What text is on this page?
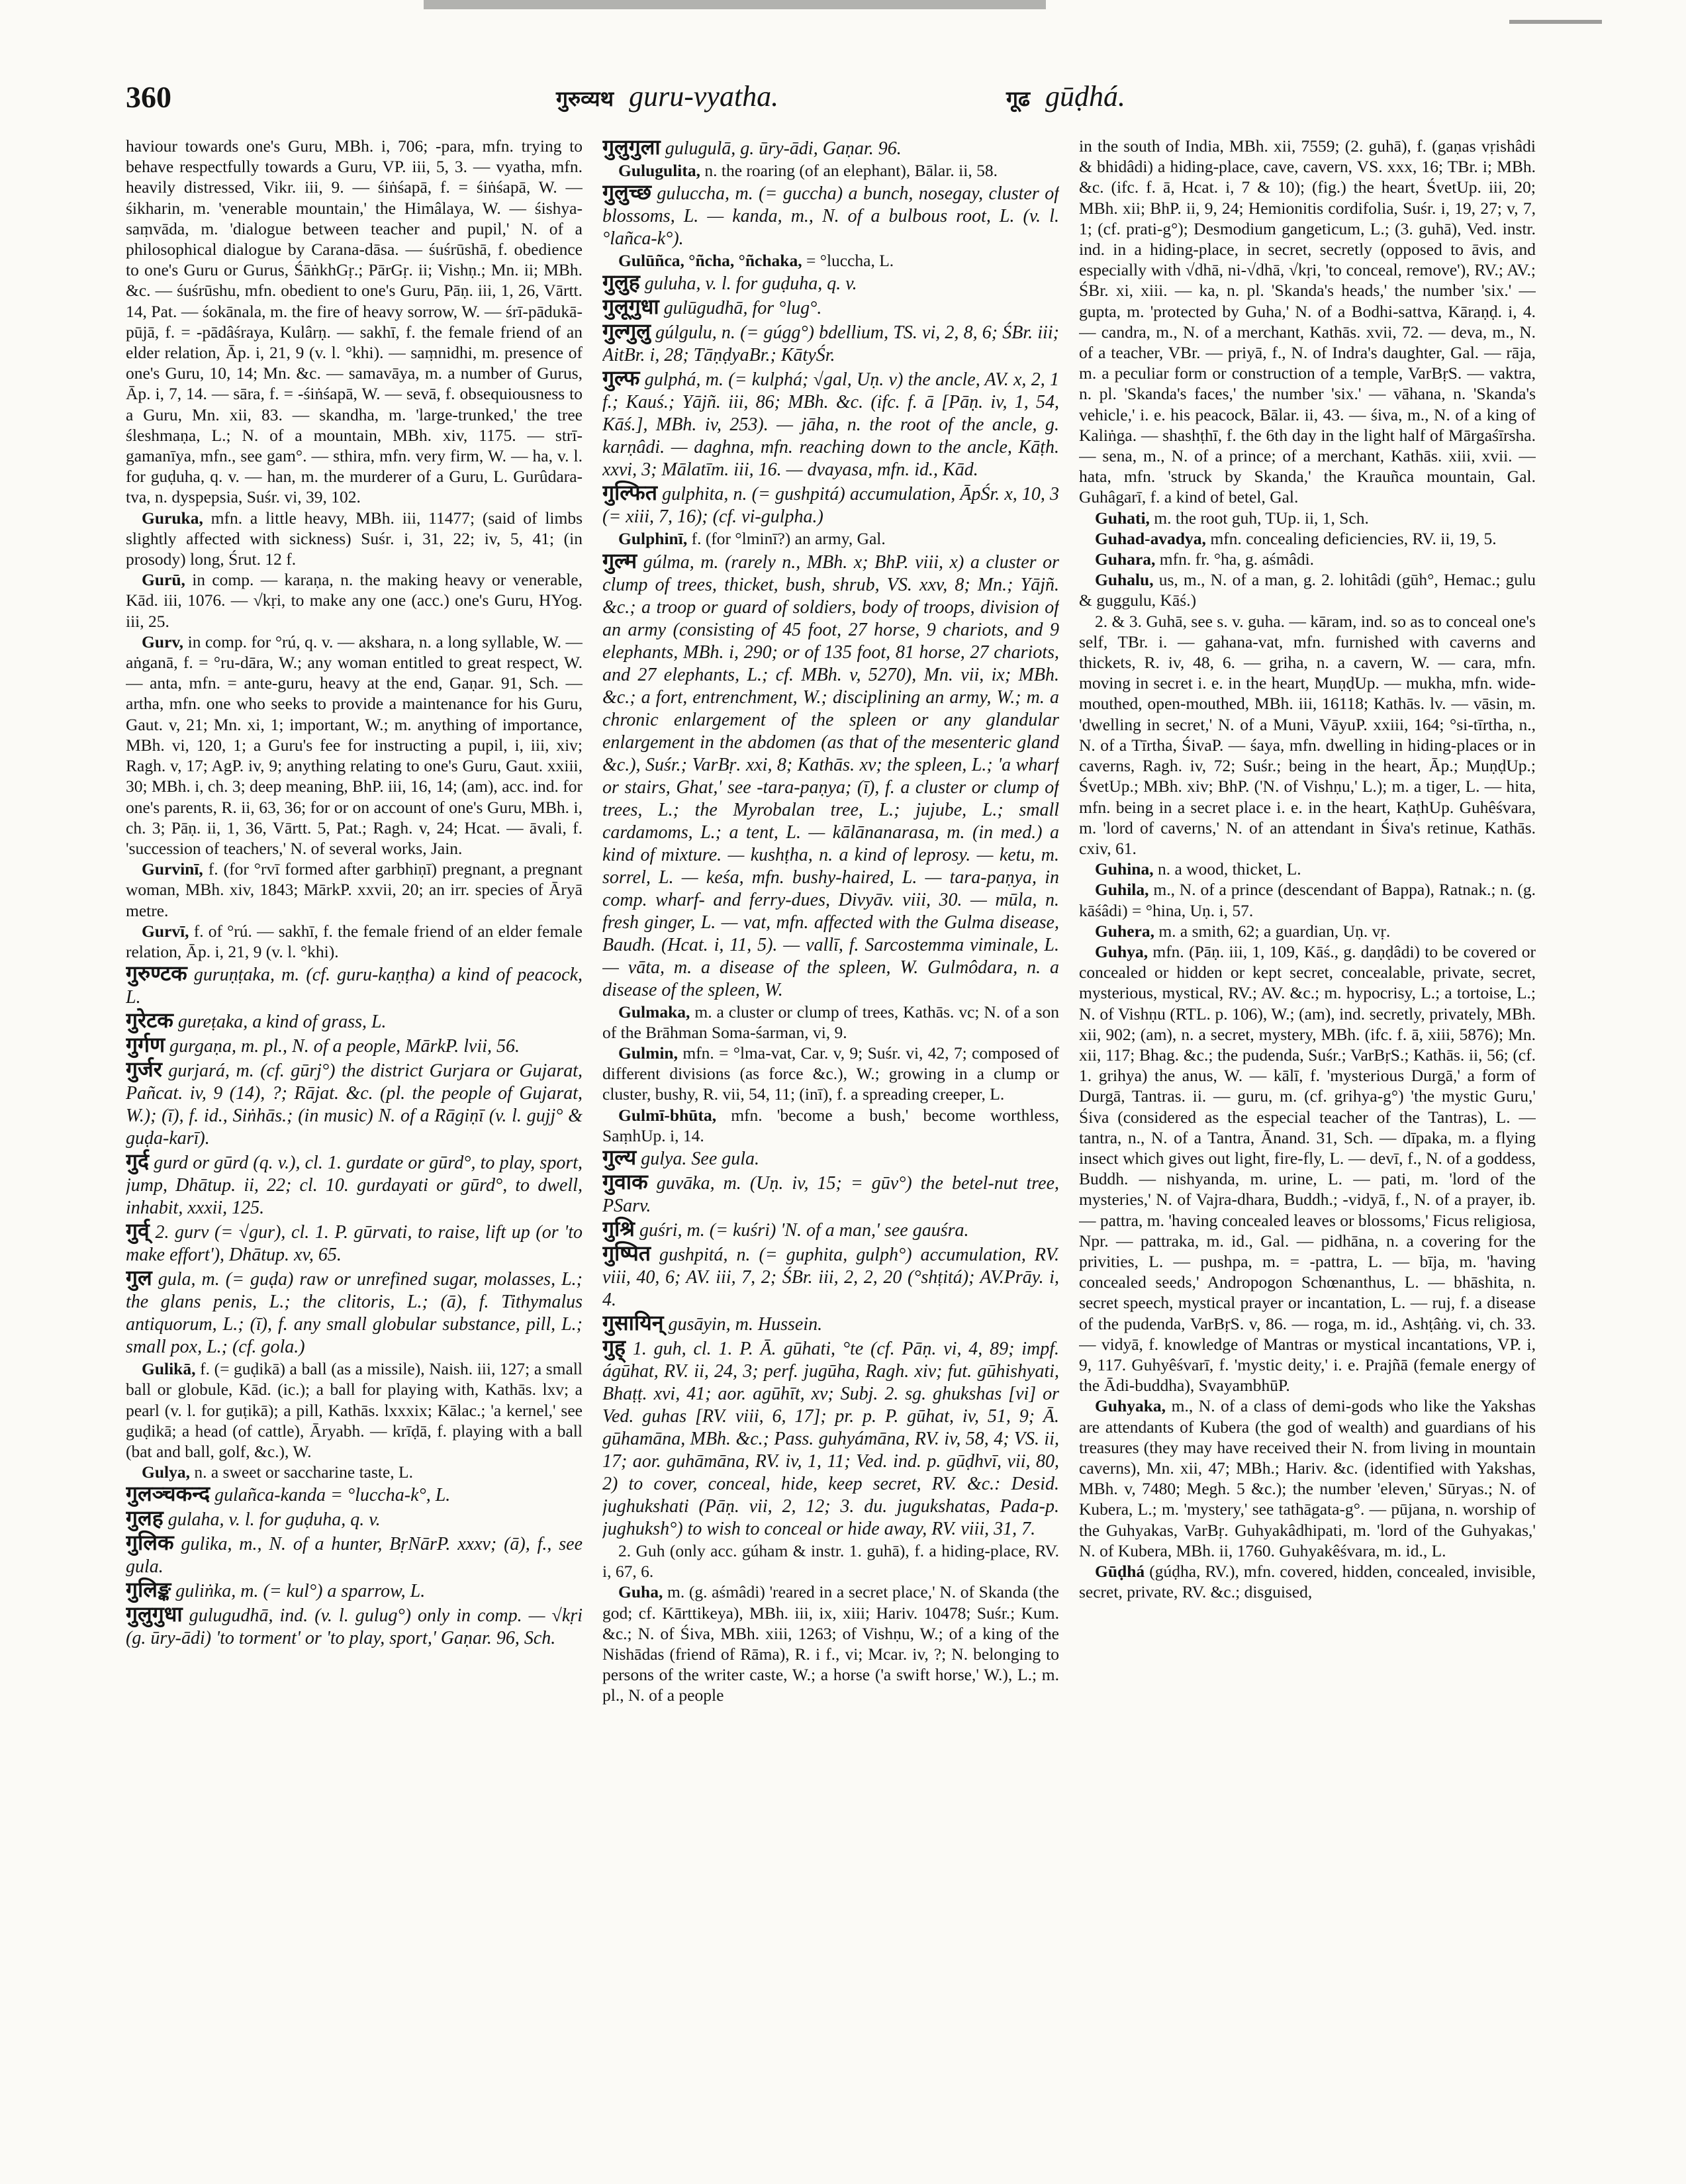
360	गुरुव्यथ guru-vyatha.	गूढ gūḍhá.

haviour towards one's Guru, MBh. i, 706; -para, mfn. trying to behave respectfully towards a Guru, VP. iii, 5, 3. — vyatha, mfn. heavily distressed, Vikr. iii, 9. — śiṅśapā, f. = śiṅśapā, W. — śikharin, m. 'venerable mountain,' the Himâlaya, W. — śishya-saṃvāda, m. 'dialogue between teacher and pupil,' N. of a philosophical dialogue by Carana-dāsa. — śuśrūshā, f. obedience to one's Guru or Gurus, ŚāṅkhGṛ.; PārGṛ. ii; Vishṇ.; Mn. ii; MBh. &c. — śuśrūshu, mfn. obedient to one's Guru, Pāṇ. iii, 1, 26, Vārtt. 14, Pat. — śokānala, m. the fire of heavy sorrow, W. — śrī-pādukā-pūjā, f. = -pādâśraya, Kulârṇ. — sakhī, f. the female friend of an elder relation, Āp. i, 21, 9 (v. l. °khi). — saṃnidhi, m. presence of one's Guru, 10, 14; Mn. &c. — samavāya, m. a number of Gurus, Āp. i, 7, 14. — sāra, f. = -śiṅśapā, W. — sevā, f. obsequiousness to a Guru, Mn. xii, 83. — skandha, m. 'large-trunked,' the tree śleshmaṇa, L.; N. of a mountain, MBh. xiv, 1175. — strī-gamanīya, mfn., see gam°. — sthira, mfn. very firm, W. — ha, v. l. for guḍuha, q. v. — han, m. the murderer of a Guru, L. Gurûdara-tva, n. dyspepsia, Suśr. vi, 39, 102.

Guruka, mfn. a little heavy, MBh. iii, 11477; (said of limbs slightly affected with sickness) Suśr. i, 31, 22; iv, 5, 41; (in prosody) long, Śrut. 12 f.

Gurū, in comp. — karaṇa, n. the making heavy or venerable, Kād. iii, 1076. — √kṛi, to make any one (acc.) one's Guru, HYog. iii, 25.

Gurv, in comp. for °rú, q. v. — akshara, n. a long syllable, W. — aṅganā, f. = °ru-dāra, W.; any woman entitled to great respect, W. — anta, mfn. = ante-guru, heavy at the end, Gaṇar. 91, Sch. — artha, mfn. one who seeks to provide a maintenance for his Guru, Gaut. v, 21; Mn. xi, 1; important, W.; m. anything of importance, MBh. vi, 120, 1; a Guru's fee for instructing a pupil, i, iii, xiv; Ragh. v, 17; AgP. iv, 9; anything relating to one's Guru, Gaut. xxiii, 30; MBh. i, ch. 3; deep meaning, BhP. iii, 16, 14; (am), acc. ind. for one's parents, R. ii, 63, 36; for or on account of one's Guru, MBh. i, ch. 3; Pāṇ. ii, 1, 36, Vārtt. 5, Pat.; Ragh. v, 24; Hcat. — āvali, f. 'succession of teachers,' N. of several works, Jain.

Gurvinī, f. (for °rvī formed after garbhiṇī) pregnant, a pregnant woman, MBh. xiv, 1843; MārkP. xxvii, 20; an irr. species of Āryā metre.

Gurvī, f. of °rú. — sakhī, f. the female friend of an elder female relation, Āp. i, 21, 9 (v. l. °khi).

गुरुण्टक guruṇṭaka, m. (cf. guru-kaṇṭha) a kind of peacock, L.

गुरेटक gureṭaka, a kind of grass, L.

गुर्गण gurgaṇa, m. pl., N. of a people, MārkP. lvii, 56.

गुर्जर gurjará, m. (cf. gūrj°) the district Gurjara or Gujarat, Pañcat. iv, 9 (14), ?; Rājat. &c. (pl. the people of Gujarat, W.); (ī), f. id., Siṅhās.; (in music) N. of a Rāgiṇī (v. l. gujj° & guḍa-karī).

गुर्द gurd or gūrd (q. v.), cl. 1. gurdate or gūrd°, to play, sport, jump, Dhātup. ii, 22; cl. 10. gurdayati or gūrd°, to dwell, inhabit, xxxii, 125.

गुर्व् 2. gurv (= √gur), cl. 1. P. gūrvati, to raise, lift up (or 'to make effort'), Dhātup. xv, 65.

गुल gula, m. (= guḍa) raw or unrefined sugar, molasses, L.; the glans penis, L.; the clitoris, L.; (ā), f. Tithymalus antiquorum, L.; (ī), f. any small globular substance, pill, L.; small pox, L.; (cf. gola.)

Gulikā, f. (= guḍikā) a ball (as a missile), Naish. iii, 127; a small ball or globule, Kād. (ic.); a ball for playing with, Kathās. lxv; a pearl (v. l. for guṭikā); a pill, Kathās. lxxxix; Kālac.; 'a kernel,' see guḍikā; a head (of cattle), Āryabh. — krīḍā, f. playing with a ball (bat and ball, golf, &c.), W.

Gulya, n. a sweet or saccharine taste, L.

गुलञ्चकन्द gulañca-kanda = °luccha-k°, L.

गुलह gulaha, v. l. for guḍuha, q. v.

गुलिक gulika, m., N. of a hunter, BṛNārP. xxxv; (ā), f., see gula.

गुलिङ्क guliṅka, m. (= kul°) a sparrow, L.

गुलुगुधा gulugudhā, ind. (v. l. gulug°) only in comp. — √kṛi (g. ūry-ādi) 'to torment' or 'to play, sport,' Gaṇar. 96, Sch.

गुलुगुला gulugulā, g. ūry-ādi, Gaṇar. 96.

Gulugulita, n. the roaring (of an elephant), Bālar. ii, 58.

गुलुच्छ guluccha, m. (= guccha) a bunch, nosegay, cluster of blossoms, L. — kanda, m., N. of a bulbous root, L. (v. l. °lañca-k°).

Gulūñca, °ñcha, °ñchaka, = °luccha, L.

गुलुह guluha, v. l. for guḍuha, q. v.

गुलूगुधा gulūgudhā, for °lug°.

गुल्गुलु gúlgulu, n. (= gúgg°) bdellium, TS. vi, 2, 8, 6; ŚBr. iii; AitBr. i, 28; TāṇḍyaBr.; KātyŚr.

गुल्फ gulphá, m. (= kulphá; √gal, Uṇ. v) the ancle, AV. x, 2, 1 f.; Kauś.; Yājñ. iii, 86; MBh. &c. (ifc. f. ā [Pāṇ. iv, 1, 54, Kāś.], MBh. iv, 253). — jāha, n. the root of the ancle, g. karṇâdi. — daghna, mfn. reaching down to the ancle, Kāṭh. xxvi, 3; Mālatīm. iii, 16. — dvayasa, mfn. id., Kād.

गुल्फित gulphita, n. (= gushpitá) accumulation, ĀpŚr. x, 10, 3 (= xiii, 7, 16); (cf. vi-gulpha.)

Gulphinī, f. (for °lminī?) an army, Gal.

गुल्म gúlma, m. (rarely n., MBh. x; BhP. viii, x) a cluster or clump of trees, thicket, bush, shrub, VS. xxv, 8; Mn.; Yājñ. &c.; a troop or guard of soldiers, body of troops, division of an army (consisting of 45 foot, 27 horse, 9 chariots, and 9 elephants, MBh. i, 290; or of 135 foot, 81 horse, 27 chariots, and 27 elephants, L.; cf. MBh. v, 5270), Mn. vii, ix; MBh. &c.; a fort, entrenchment, W.; disciplining an army, W.; m. a chronic enlargement of the spleen or any glandular enlargement in the abdomen (as that of the mesenteric gland &c.), Suśr.; VarBṛ. xxi, 8; Kathās. xv; the spleen, L.; 'a wharf or stairs, Ghat,' see -tara-paṇya; (ī), f. a cluster or clump of trees, L.; the Myrobalan tree, L.; jujube, L.; small cardamoms, L.; a tent, L. — kālānanarasa, m. (in med.) a kind of mixture. — kushṭha, n. a kind of leprosy. — ketu, m. sorrel, L. — keśa, mfn. bushy-haired, L. — tara-paṇya, in comp. wharf- and ferry-dues, Divyāv. viii, 30. — mūla, n. fresh ginger, L. — vat, mfn. affected with the Gulma disease, Baudh. (Hcat. i, 11, 5). — vallī, f. Sarcostemma viminale, L. — vāta, m. a disease of the spleen, W. Gulmôdara, n. a disease of the spleen, W.

Gulmaka, m. a cluster or clump of trees, Kathās. vc; N. of a son of the Brāhman Soma-śarman, vi, 9.

Gulmin, mfn. = °lma-vat, Car. v, 9; Suśr. vi, 42, 7; composed of different divisions (as force &c.), W.; growing in a clump or cluster, bushy, R. vii, 54, 11; (inī), f. a spreading creeper, L.

Gulmī-bhūta, mfn. 'become a bush,' become worthless, SaṃhUp. i, 14.

गुल्य gulya. See gula.

गुवाक guvāka, m. (Uṇ. iv, 15; = gūv°) the betel-nut tree, PSarv.

गुश्रि guśri, m. (= kuśri) 'N. of a man,' see gauśra.

गुष्पित gushpitá, n. (= guphita, gulph°) accumulation, RV. viii, 40, 6; AV. iii, 7, 2; ŚBr. iii, 2, 2, 20 (°shṭitá); AV.Prāy. i, 4.

गुसायिन् gusāyin, m. Hussein.

गुह् 1. guh, cl. 1. P. Ā. gūhati, °te (cf. Pāṇ. vi, 4, 89; impf. ágūhat, RV. ii, 24, 3; perf. jugūha, Ragh. xiv; fut. gūhishyati, Bhaṭṭ. xvi, 41; aor. agūhīt, xv; Subj. 2. sg. ghukshas [vi] or Ved. guhas [RV. viii, 6, 17]; pr. p. P. gūhat, iv, 51, 9; Ā. gūhamāna, MBh. &c.; Pass. guhyámāna, RV. iv, 58, 4; VS. ii, 17; aor. guhāmāna, RV. iv, 1, 11; Ved. ind. p. gūḍhvī, vii, 80, 2) to cover, conceal, hide, keep secret, RV. &c.: Desid. jughukshati (Pāṇ. vii, 2, 12; 3. du. jugukshatas, Pada-p. jughuksh°) to wish to conceal or hide away, RV. viii, 31, 7.

2. Guh (only acc. gúham & instr. 1. guhā), f. a hiding-place, RV. i, 67, 6.

Guha, m. (g. aśmâdi) 'reared in a secret place,' N. of Skanda (the god; cf. Kārttikeya), MBh. iii, ix, xiii; Hariv. 10478; Suśr.; Kum. &c.; N. of Śiva, MBh. xiii, 1263; of Vishṇu, W.; of a king of the Nishādas (friend of Rāma), R. i f., vi; Mcar. iv, ?; N. belonging to persons of the writer caste, W.; a horse ('a swift horse,' W.), L.; m. pl., N. of a people

in the south of India, MBh. xii, 7559; (2. guhā), f. (gaṇas vṛishâdi & bhidâdi) a hiding-place, cave, cavern, VS. xxx, 16; TBr. i; MBh. &c. (ifc. f. ā, Hcat. i, 7 & 10); (fig.) the heart, ŚvetUp. iii, 20; MBh. xii; BhP. ii, 9, 24; Hemionitis cordifolia, Suśr. i, 19, 27; v, 7, 1; (cf. prati-g°); Desmodium gangeticum, L.; (3. guhā), Ved. instr. ind. in a hiding-place, in secret, secretly (opposed to āvis, and especially with √dhā, ni-√dhā, √kṛi, 'to conceal, remove'), RV.; AV.; ŚBr. xi, xiii. — ka, n. pl. 'Skanda's heads,' the number 'six.' — gupta, m. 'protected by Guha,' N. of a Bodhi-sattva, Kāraṇḍ. i, 4. — candra, m., N. of a merchant, Kathās. xvii, 72. — deva, m., N. of a teacher, VBr. — priyā, f., N. of Indra's daughter, Gal. — rāja, m. a peculiar form or construction of a temple, VarBṛS. — vaktra, n. pl. 'Skanda's faces,' the number 'six.' — vāhana, n. 'Skanda's vehicle,' i. e. his peacock, Bālar. ii, 43. — śiva, m., N. of a king of Kaliṅga. — shashṭhī, f. the 6th day in the light half of Mārgaśīrsha. — sena, m., N. of a prince; of a merchant, Kathās. xiii, xvii. — hata, mfn. 'struck by Skanda,' the Krauñca mountain, Gal. Guhâgarī, f. a kind of betel, Gal.

Guhati, m. the root guh, TUp. ii, 1, Sch.

Guhad-avadya, mfn. concealing deficiencies, RV. ii, 19, 5.

Guhara, mfn. fr. °ha, g. aśmâdi.

Guhalu, us, m., N. of a man, g. 2. lohitâdi (gūh°, Hemac.; gulu & guggulu, Kāś.)

2. & 3. Guhā, see s. v. guha. — kāram, ind. so as to conceal one's self, TBr. i. — gahana-vat, mfn. furnished with caverns and thickets, R. iv, 48, 6. — griha, n. a cavern, W. — cara, mfn. moving in secret i. e. in the heart, MuṇḍUp. — mukha, mfn. wide-mouthed, open-mouthed, MBh. iii, 16118; Kathās. lv. — vāsin, m. 'dwelling in secret,' N. of a Muni, VāyuP. xxiii, 164; °si-tīrtha, n., N. of a Tīrtha, ŚivaP. — śaya, mfn. dwelling in hiding-places or in caverns, Ragh. iv, 72; Suśr.; being in the heart, Āp.; MuṇḍUp.; ŚvetUp.; MBh. xiv; BhP. ('N. of Vishṇu,' L.); m. a tiger, L. — hita, mfn. being in a secret place i. e. in the heart, KaṭhUp. Guhêśvara, m. 'lord of caverns,' N. of an attendant in Śiva's retinue, Kathās. cxiv, 61.

Guhina, n. a wood, thicket, L.

Guhila, m., N. of a prince (descendant of Bappa), Ratnak.; n. (g. kāśâdi) = °hina, Uṇ. i, 57.

Guhera, m. a smith, 62; a guardian, Uṇ. vṛ.

Guhya, mfn. (Pāṇ. iii, 1, 109, Kāś., g. daṇḍâdi) to be covered or concealed or hidden or kept secret, concealable, private, secret, mysterious, mystical, RV.; AV. &c.; m. hypocrisy, L.; a tortoise, L.; N. of Vishṇu (RTL. p. 106), W.; (am), ind. secretly, privately, MBh. xii, 902; (am), n. a secret, mystery, MBh. (ifc. f. ā, xiii, 5876); Mn. xii, 117; Bhag. &c.; the pudenda, Suśr.; VarBṛS.; Kathās. ii, 56; (cf. 1. grihya) the anus, W. — kālī, f. 'mysterious Durgā,' a form of Durgā, Tantras. ii. — guru, m. (cf. grihya-g°) 'the mystic Guru,' Śiva (considered as the especial teacher of the Tantras), L. — tantra, n., N. of a Tantra, Ānand. 31, Sch. — dīpaka, m. a flying insect which gives out light, fire-fly, L. — devī, f., N. of a goddess, Buddh. — nishyanda, m. urine, L. — pati, m. 'lord of the mysteries,' N. of Vajra-dhara, Buddh.; -vidyā, f., N. of a prayer, ib. — pattra, m. 'having concealed leaves or blossoms,' Ficus religiosa, Npr. — pattraka, m. id., Gal. — pidhāna, n. a covering for the privities, L. — pushpa, m. = -pattra, L. — bīja, m. 'having concealed seeds,' Andropogon Schœnanthus, L. — bhāshita, n. secret speech, mystical prayer or incantation, L. — ruj, f. a disease of the pudenda, VarBṛS. v, 86. — roga, m. id., Ashṭâṅg. vi, ch. 33. — vidyā, f. knowledge of Mantras or mystical incantations, VP. i, 9, 117. Guhyêśvarī, f. 'mystic deity,' i. e. Prajñā (female energy of the Ādi-buddha), SvayambhūP.

Guhyaka, m., N. of a class of demi-gods who like the Yakshas are attendants of Kubera (the god of wealth) and guardians of his treasures (they may have received their N. from living in mountain caverns), Mn. xii, 47; MBh.; Hariv. &c. (identified with Yakshas, MBh. v, 7480; Megh. 5 &c.); the number 'eleven,' Sūryas.; N. of Kubera, L.; m. 'mystery,' see tathāgata-g°. — pūjana, n. worship of the Guhyakas, VarBṛ. Guhyakâdhipati, m. 'lord of the Guhyakas,' N. of Kubera, MBh. ii, 1760. Guhyakêśvara, m. id., L.

Gūḍhá (gúḍha, RV.), mfn. covered, hidden, concealed, invisible, secret, private, RV. &c.; disguised,
